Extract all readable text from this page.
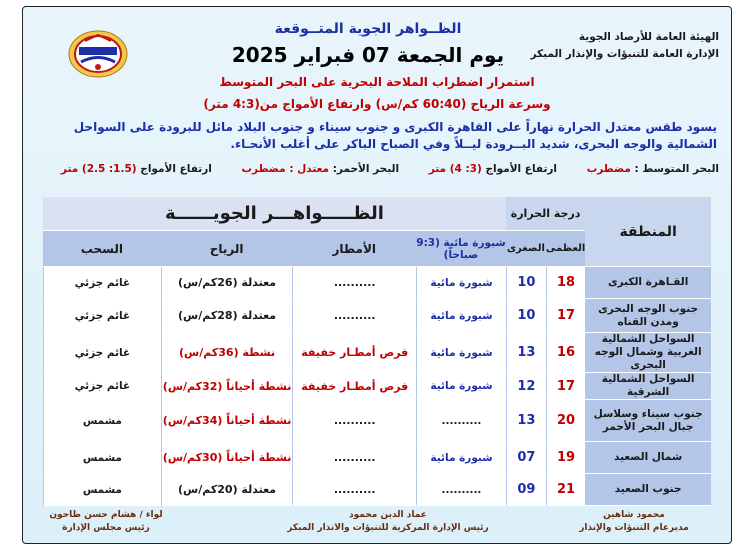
الهيئة العامة للأرصاد الجوية
الإدارة العامة للتنبؤات والإنذار المبكر
الظــواهر الجوية المتــوقعة
يوم الجمعة 07 فبراير 2025
استمرار اضطراب الملاحة البحرية على البحر المتوسط
وسرعة الرياح (60:40 كم/س) وارتفاع الأمواج من(4:3 متر)
يسود طقس معتدل الحرارة نهاراً على القاهرة الكبرى و جنوب سيناء و جنوب البلاد مائل للبرودة على السواحل الشمالية والوجه البحرى، شديد البــرودة ليــلاً وفي الصباح الباكر على أغلب الأنحـاء.
البحر المتوسط : مضطرب ارتفاع الأمواج (3: 4) متر البحر الأحمر: معتدل : مضطرب ارتفاع الأمواج (1.5: 2.5) متر
المنطقة	درجة الحرارة		الظـــــواهـــر الجويــــــة			
	العظمى	الصغرى	شبورة مائية (9:3 صباحاً)	الأمطار	الرياح	السحب
القـاهرة الكبرى	18	10	شبورة مائية	..........	معتدلة (26كم/س)	غائم جزئي
جنوب الوجه البحرى ومدن القناه	17	10	شبورة مائية	..........	معتدلة (28كم/س)	غائم جزئي
السواحل الشمالية الغربية وشمال الوجه البحرى	16	13	شبورة مائية	فرص أمطـار خفيفة	نشطة (36كم/س)	غائم جزئي
السواحل الشمالية الشرقية	17	12	شبورة مائية	فرص أمطـار خفيفة	نشطة أحياناً (32كم/س)	غائم جزئي
جنوب سيناء وسلاسل جبال البحر الأحمر	20	13	..........	..........	نشطة أحياناً (34كم/س)	مشمس
شمال الصعيد	19	07	شبورة مائية	..........	نشطة أحياناً (30كم/س)	مشمس
جنوب الصعيد	21	09	..........	..........	معتدلة (20كم/س)	مشمس
محمود شاهين
مديرعام التنبؤات والإنذار
عماد الدين محمود
رئيس الإدارة المركزية للتنبؤات والانذار المبكر
لواء / هشام حسن طاحون
رئيس مجلس الإدارة
